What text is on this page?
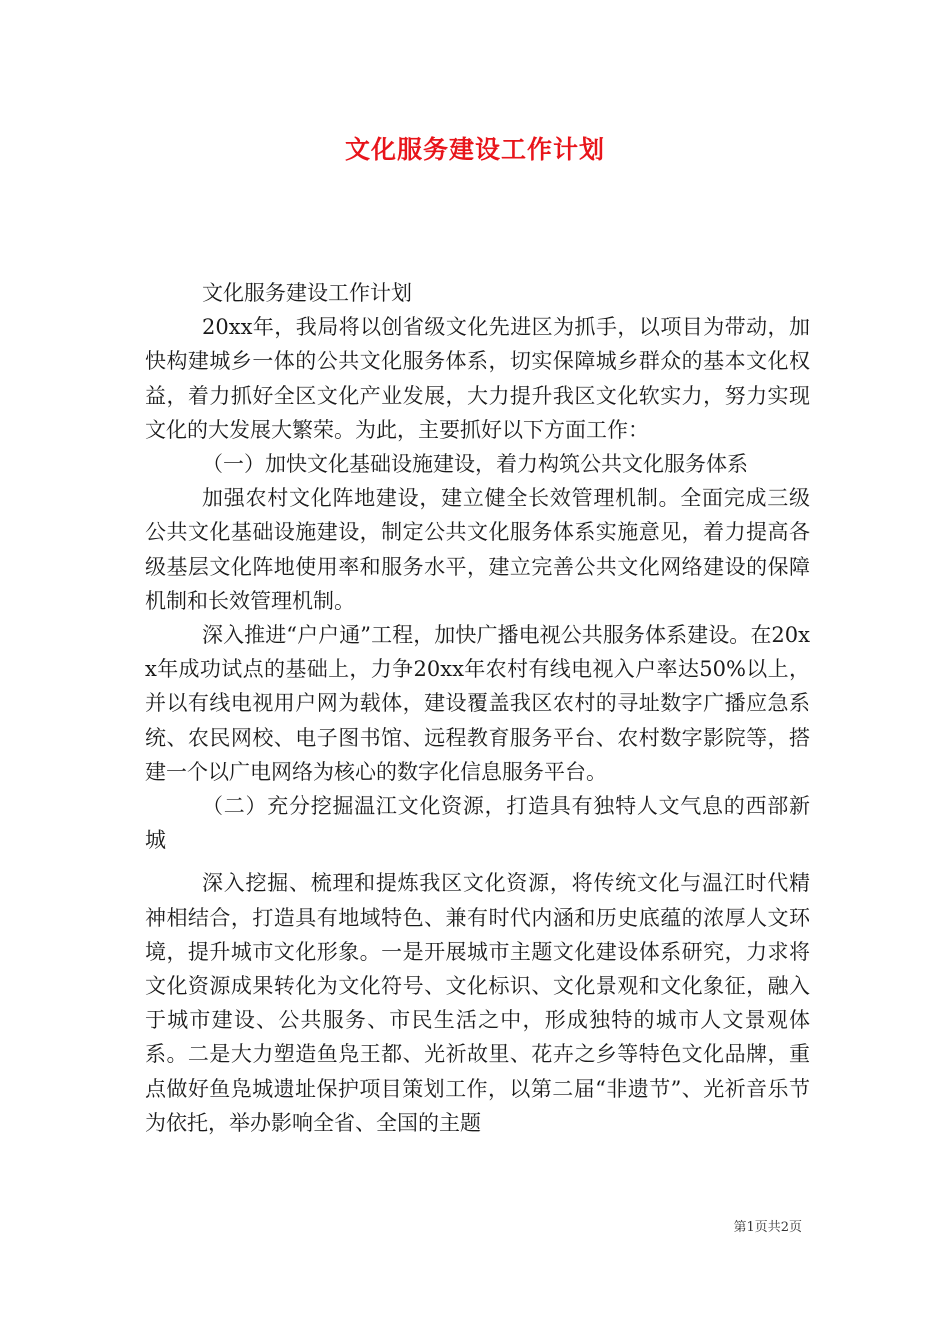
文化服务建设工作计划

文化服务建设工作计划

20xx年，我局将以创省级文化先进区为抓手，以项目为带动，加快构建城乡一体的公共文化服务体系，切实保障城乡群众的基本文化权益，着力抓好全区文化产业发展，大力提升我区文化软实力，努力实现文化的大发展大繁荣。为此，主要抓好以下方面工作：

（一）加快文化基础设施建设，着力构筑公共文化服务体系

加强农村文化阵地建设，建立健全长效管理机制。全面完成三级公共文化基础设施建设，制定公共文化服务体系实施意见，着力提高各级基层文化阵地使用率和服务水平，建立完善公共文化网络建设的保障机制和长效管理机制。

深入推进“户户通”工程，加快广播电视公共服务体系建设。在20xx年成功试点的基础上，力争20xx年农村有线电视入户率达50%以上，并以有线电视用户网为载体，建设覆盖我区农村的寻址数字广播应急系统、农民网校、电子图书馆、远程教育服务平台、农村数字影院等，搭建一个以广电网络为核心的数字化信息服务平台。

（二）充分挖掘温江文化资源，打造具有独特人文气息的西部新城

深入挖掘、梳理和提炼我区文化资源，将传统文化与温江时代精神相结合，打造具有地域特色、兼有时代内涵和历史底蕴的浓厚人文环境，提升城市文化形象。一是开展城市主题文化建设体系研究，力求将文化资源成果转化为文化符号、文化标识、文化景观和文化象征，融入于城市建设、公共服务、市民生活之中，形成独特的城市人文景观体系。二是大力塑造鱼凫王都、光祈故里、花卉之乡等特色文化品牌，重点做好鱼凫城遗址保护项目策划工作，以第二届“非遗节”、光祈音乐节为依托，举办影响全省、全国的主题

第1页共2页
